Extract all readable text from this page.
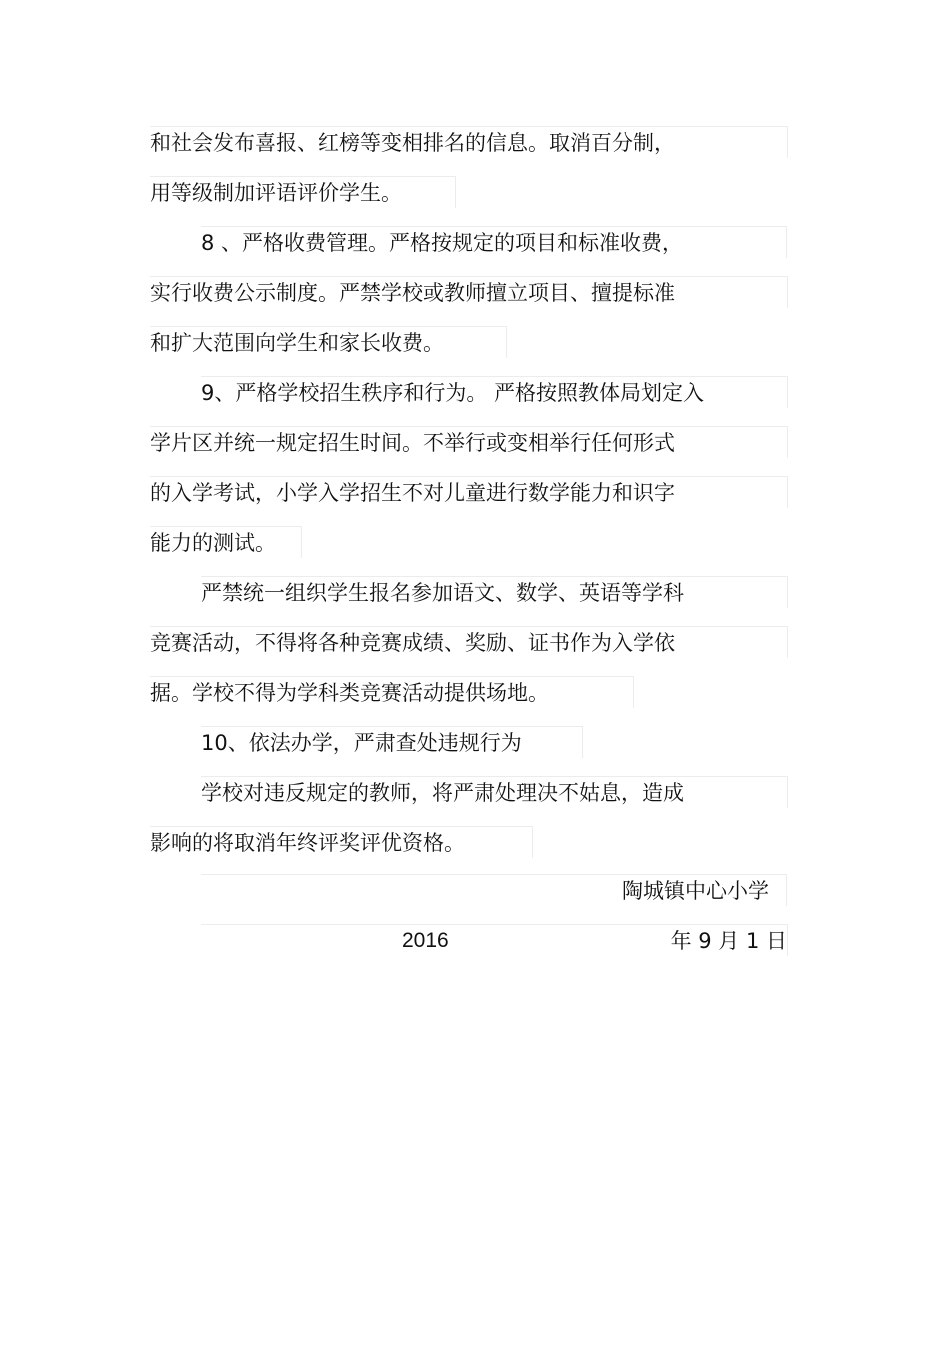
和社会发布喜报、红榜等变相排名的信息。取消百分制，
用等级制加评语评价学生。
8 、严格收费管理。严格按规定的项目和标准收费，
实行收费公示制度。严禁学校或教师擅立项目、擅提标准
和扩大范围向学生和家长收费。
9、严格学校招生秩序和行为。 严格按照教体局划定入
学片区并统一规定招生时间。不举行或变相举行任何形式
的入学考试，小学入学招生不对儿童进行数学能力和识字
能力的测试。
严禁统一组织学生报名参加语文、数学、英语等学科
竞赛活动，不得将各种竞赛成绩、奖励、证书作为入学依
据。学校不得为学科类竞赛活动提供场地。
10、依法办学，严肃查处违规行为
学校对违反规定的教师，将严肃处理决不姑息，造成
影响的将取消年终评奖评优资格。
陶城镇中心小学
2016	年 9 月 1 日
